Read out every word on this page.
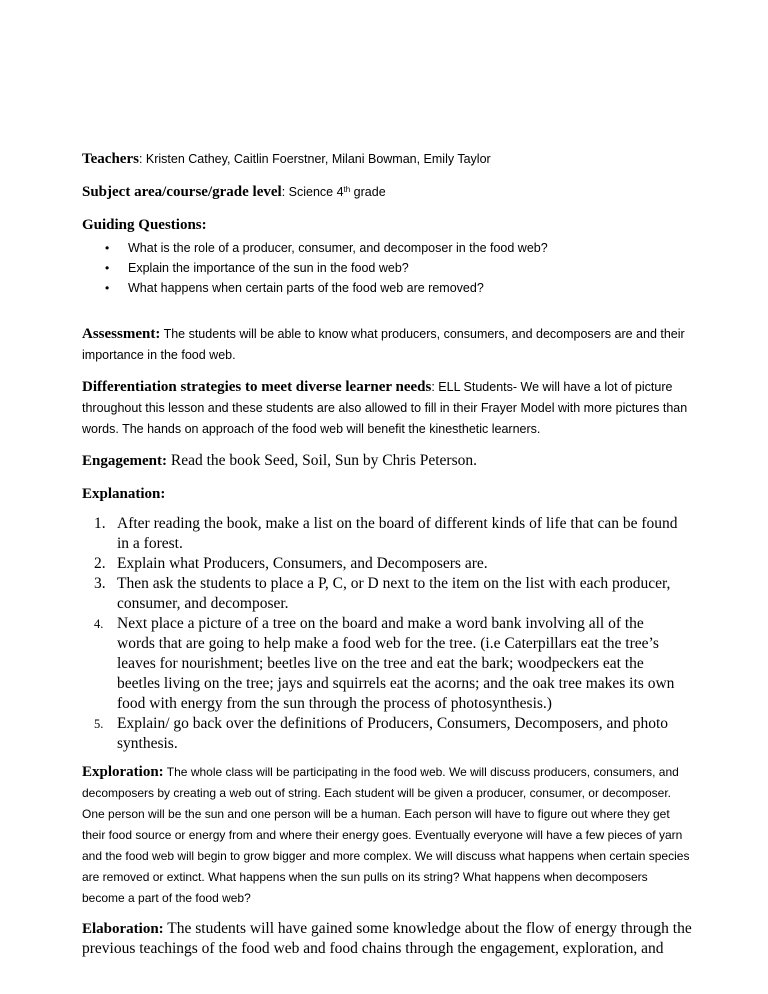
Teachers: Kristen Cathey, Caitlin Foerstner, Milani Bowman, Emily Taylor

Subject area/course/grade level: Science 4th grade

Guiding Questions:

• What is the role of a producer, consumer, and decomposer in the food web?
• Explain the importance of the sun in the food web?
• What happens when certain parts of the food web are removed?

Assessment: The students will be able to know what producers, consumers, and decomposers are and their importance in the food web.

Differentiation strategies to meet diverse learner needs: ELL Students- We will have a lot of picture throughout this lesson and these students are also allowed to fill in their Frayer Model with more pictures than words. The hands on approach of the food web will benefit the kinesthetic learners.

Engagement: Read the book Seed, Soil, Sun by Chris Peterson.

Explanation:

1. After reading the book, make a list on the board of different kinds of life that can be found in a forest.
2. Explain what Producers, Consumers, and Decomposers are.
3. Then ask the students to place a P, C, or D next to the item on the list with each producer, consumer, and decomposer.
4. Next place a picture of a tree on the board and make a word bank involving all of the words that are going to help make a food web for the tree. (i.e Caterpillars eat the tree’s leaves for nourishment; beetles live on the tree and eat the bark; woodpeckers eat the beetles living on the tree; jays and squirrels eat the acorns; and the oak tree makes its own food with energy from the sun through the process of photosynthesis.)
5. Explain/ go back over the definitions of Producers, Consumers, Decomposers, and photo synthesis.

Exploration: The whole class will be participating in the food web. We will discuss producers, consumers, and decomposers by creating a web out of string. Each student will be given a producer, consumer, or decomposer. One person will be the sun and one person will be a human. Each person will have to figure out where they get their food source or energy from and where their energy goes. Eventually everyone will have a few pieces of yarn and the food web will begin to grow bigger and more complex. We will discuss what happens when certain species are removed or extinct. What happens when the sun pulls on its string? What happens when decomposers become a part of the food web?

Elaboration: The students will have gained some knowledge about the flow of energy through the previous teachings of the food web and food chains through the engagement, exploration, and
